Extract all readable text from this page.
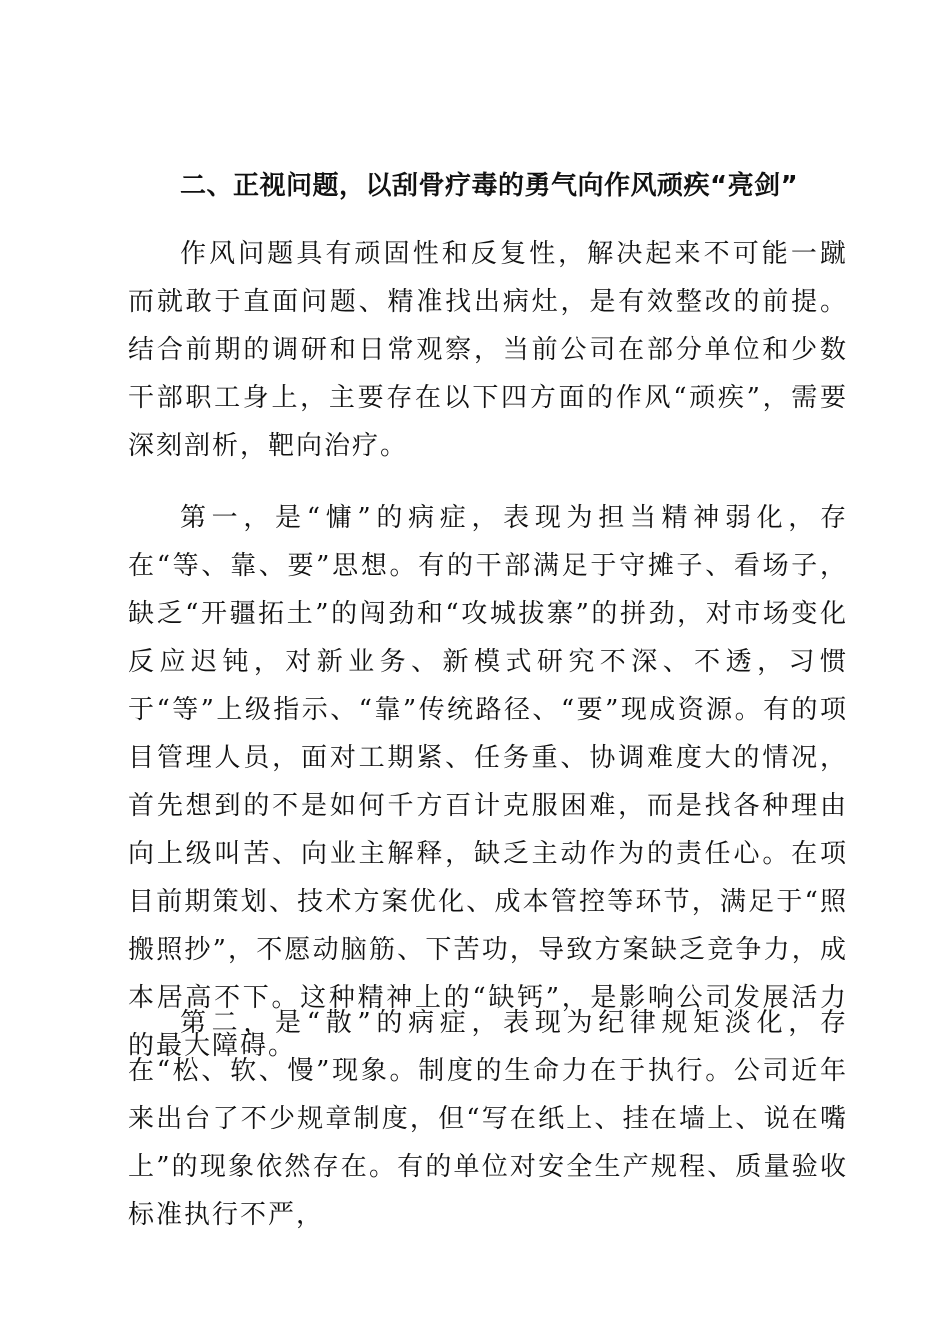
二、正视问题，以刮骨疗毒的勇气向作风顽疾“亮剑”

作风问题具有顽固性和反复性，解决起来不可能一蹴而就敢于直面问题、精准找出病灶，是有效整改的前提。结合前期的调研和日常观察，当前公司在部分单位和少数干部职工身上，主要存在以下四方面的作风“顽疾”，需要深刻剖析，靶向治疗。

第一，是“慵”的病症，表现为担当精神弱化，存在“等、靠、要”思想。有的干部满足于守摊子、看场子，缺乏“开疆拓土”的闯劲和“攻城拔寨”的拼劲，对市场变化反应迟钝，对新业务、新模式研究不深、不透，习惯于“等”上级指示、“靠”传统路径、“要”现成资源。有的项目管理人员，面对工期紧、任务重、协调难度大的情况，首先想到的不是如何千方百计克服困难，而是找各种理由向上级叫苦、向业主解释，缺乏主动作为的责任心。在项目前期策划、技术方案优化、成本管控等环节，满足于“照搬照抄”，不愿动脑筋、下苦功，导致方案缺乏竞争力，成本居高不下。这种精神上的“缺钙”，是影响公司发展活力的最大障碍。

第二，是“散”的病症，表现为纪律规矩淡化，存在“松、软、慢”现象。制度的生命力在于执行。公司近年来出台了不少规章制度，但“写在纸上、挂在墙上、说在嘴上”的现象依然存在。有的单位对安全生产规程、质量验收标准执行不严，
